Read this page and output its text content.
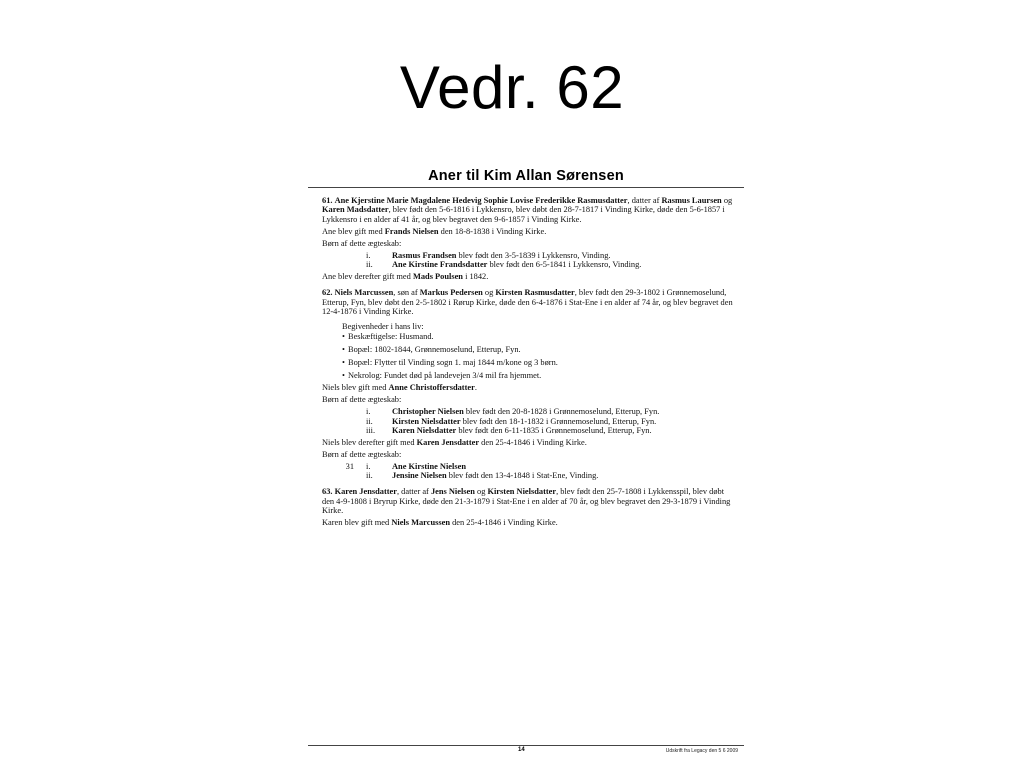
Vedr. 62
Aner til Kim Allan Sørensen

61. Ane Kjerstine Marie Magdalene Hedevig Sophie Lovise Frederikke Rasmusdatter, datter af Rasmus Laursen og Karen Madsdatter, blev født den 5-6-1816 i Lykkensro, blev døbt den 28-7-1817 i Vinding Kirke, døde den 5-6-1857 i Lykkensro i en alder af 41 år, og blev begravet den 9-6-1857 i Vinding Kirke.

Ane blev gift med Frands Nielsen den 18-8-1838 i Vinding Kirke.

Børn af dette ægteskab:

i.	Rasmus Frandsen blev født den 3-5-1839 i Lykkensro, Vinding.
ii.	Ane Kirstine Frandsdatter blev født den 6-5-1841 i Lykkensro, Vinding.

Ane blev derefter gift med Mads Poulsen i 1842.

62. Niels Marcussen, søn af Markus Pedersen og Kirsten Rasmusdatter, blev født den 29-3-1802 i Grønnemoselund, Etterup, Fyn, blev døbt den 2-5-1802 i Rørup Kirke, døde den 6-4-1876 i Stat-Ene i en alder af 74 år, og blev begravet den 12-4-1876 i Vinding Kirke.

Begivenheder i hans liv:

• Beskæftigelse: Husmand.

• Bopæl: 1802-1844, Grønnemoselund, Etterup, Fyn.

• Bopæl: Flytter til Vinding sogn 1. maj 1844 m/kone og 3 børn.

• Nekrolog: Fundet død på landevejen 3/4 mil fra hjemmet.

Niels blev gift med Anne Christoffersdatter.

Børn af dette ægteskab:

i.	Christopher Nielsen blev født den 20-8-1828 i Grønnemoselund, Etterup, Fyn.
ii.	Kirsten Nielsdatter blev født den 18-1-1832 i Grønnemoselund, Etterup, Fyn.
iii.	Karen Nielsdatter blev født den 6-11-1835 i Grønnemoselund, Etterup, Fyn.

Niels blev derefter gift med Karen Jensdatter den 25-4-1846 i Vinding Kirke.

Børn af dette ægteskab:

31	i.	Ane Kirstine Nielsen
ii.	Jensine Nielsen blev født den 13-4-1848 i Stat-Ene, Vinding.

63. Karen Jensdatter, datter af Jens Nielsen og Kirsten Nielsdatter, blev født den 25-7-1808 i Lykkensspil, blev døbt den 4-9-1808 i Bryrup Kirke, døde den 21-3-1879 i Stat-Ene i en alder af 70 år, og blev begravet den 29-3-1879 i Vinding Kirke.

Karen blev gift med Niels Marcussen den 25-4-1846 i Vinding Kirke.

14	Udskrift fra Legacy den 5 6 2009
